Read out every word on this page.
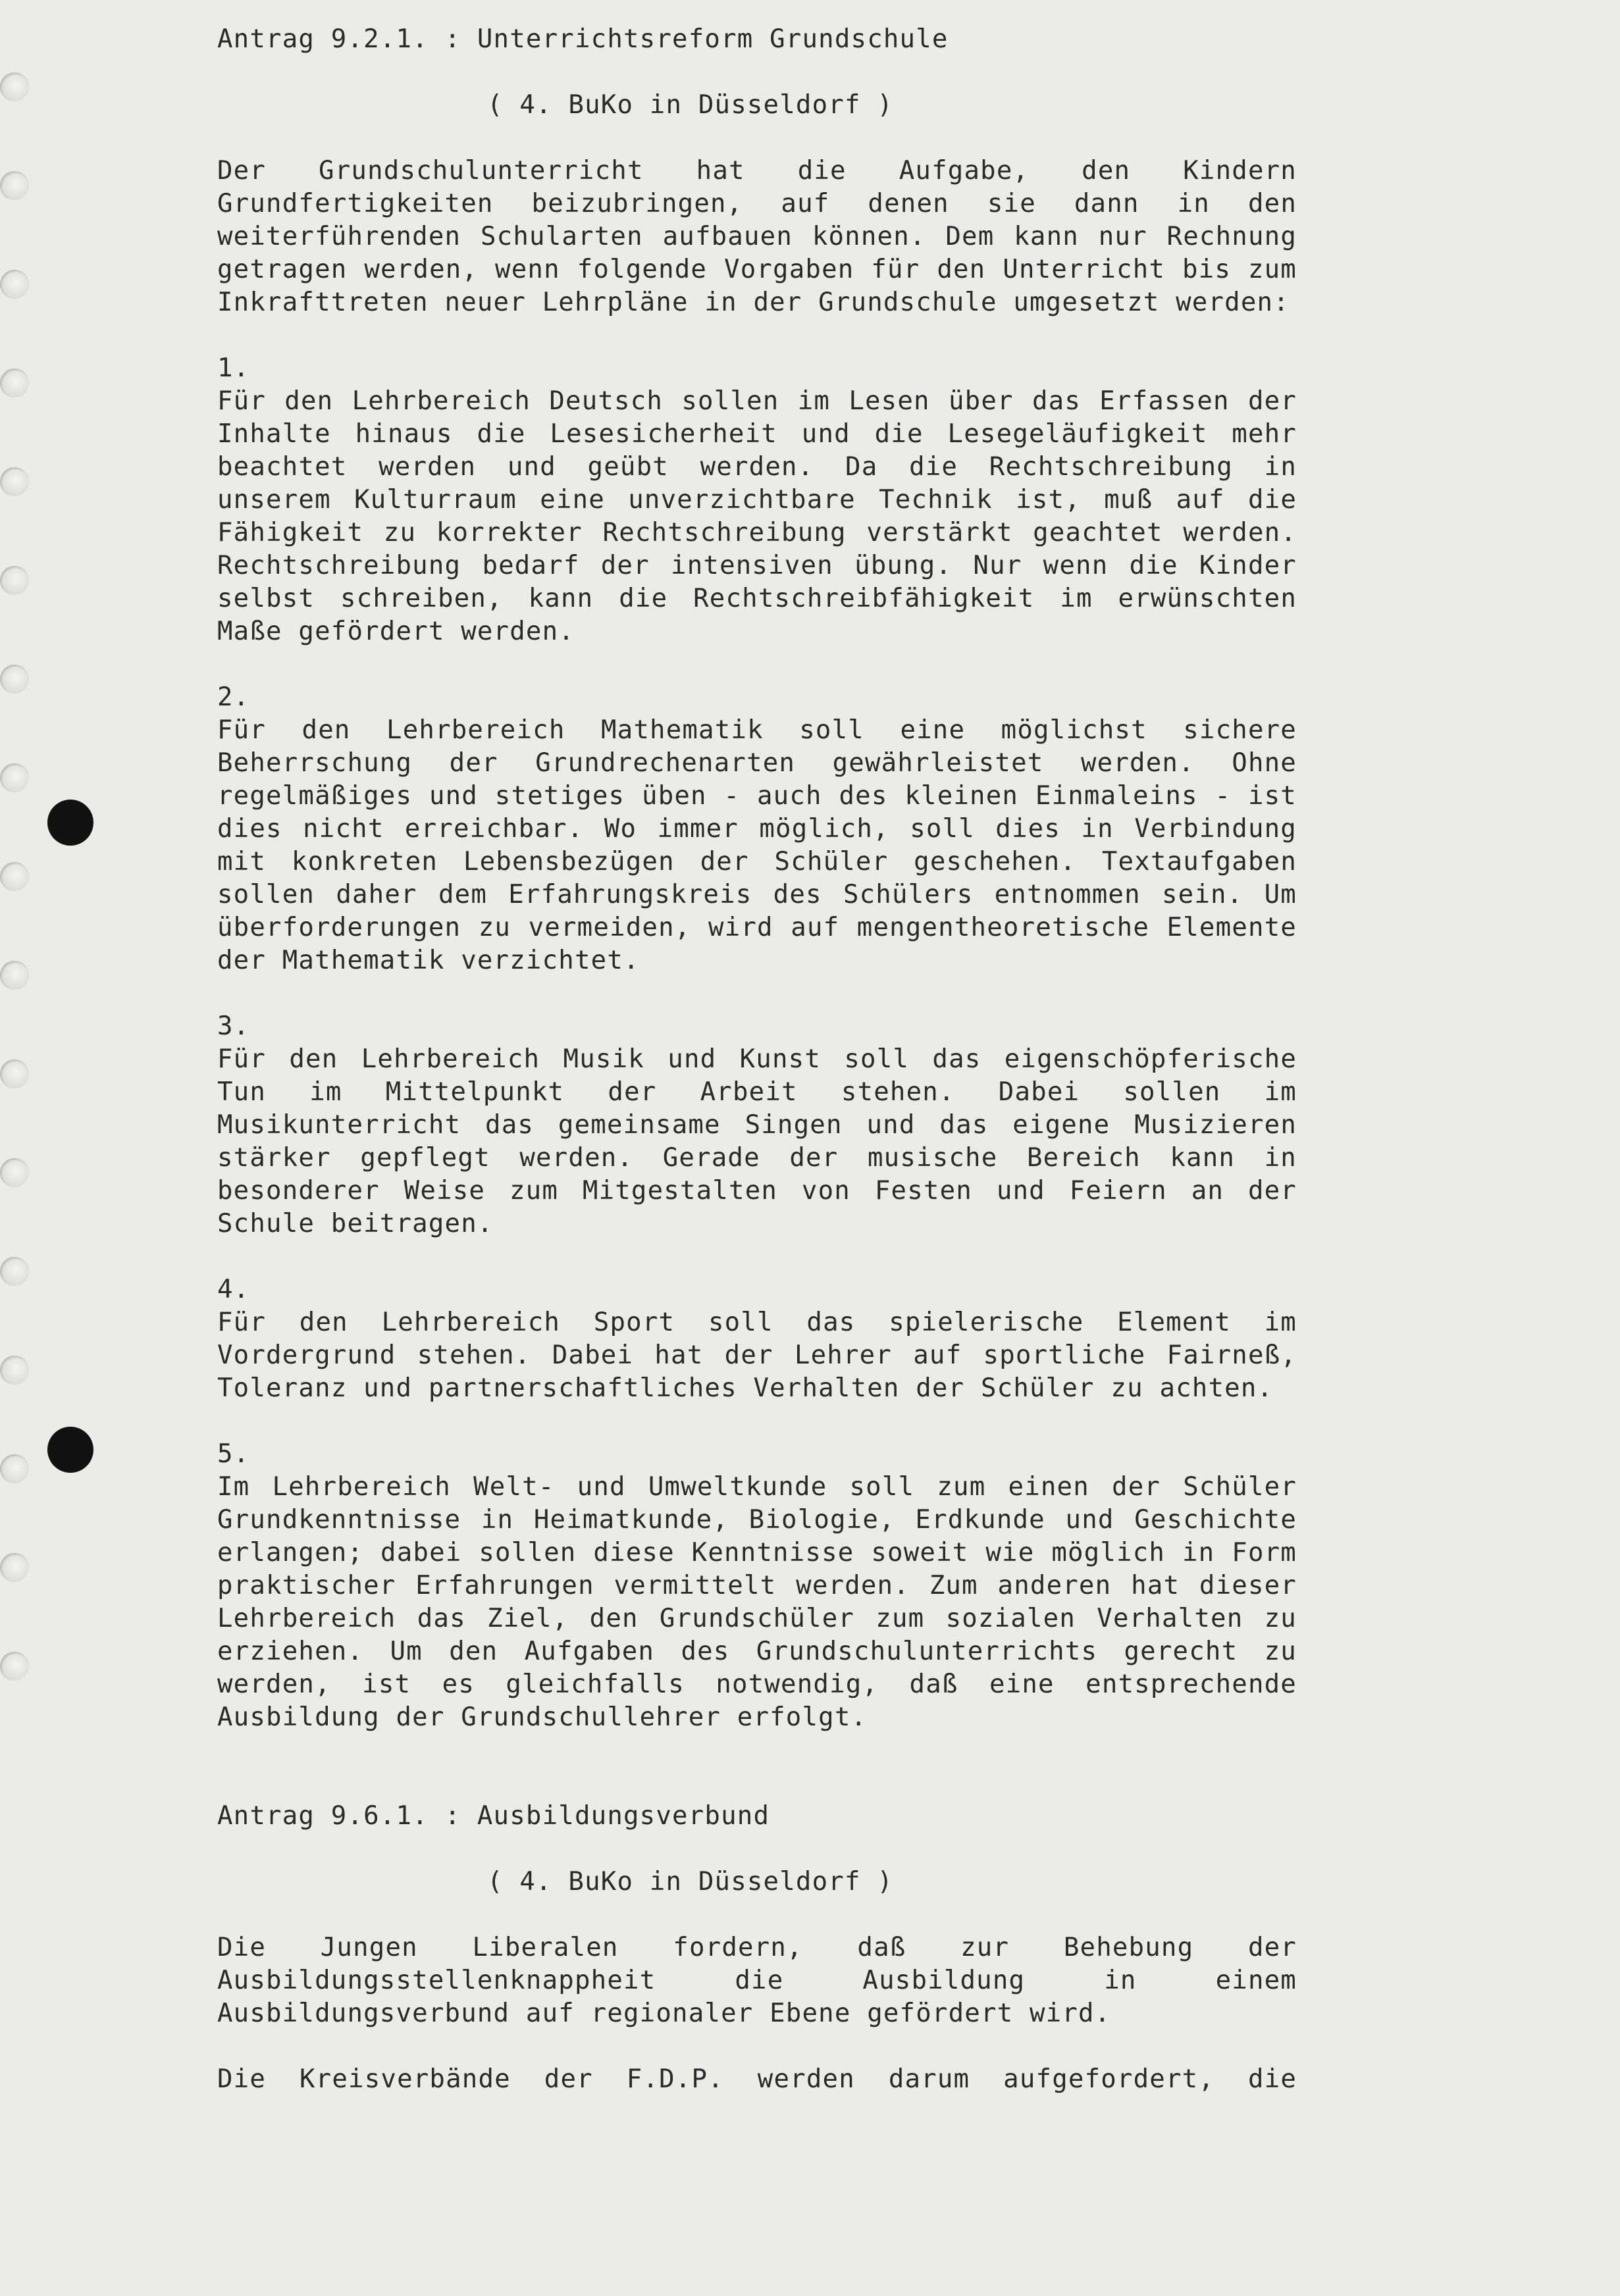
Antrag 9.2.1. : Unterrichtsreform Grundschule

( 4. BuKo in Düsseldorf )

Der Grundschulunterricht hat die Aufgabe, den Kindern Grundfertigkeiten beizubringen, auf denen sie dann in den weiterführenden Schularten aufbauen können. Dem kann nur Rechnung getragen werden, wenn folgende Vorgaben für den Unterricht bis zum Inkrafttreten neuer Lehrpläne in der Grundschule umgesetzt werden:

1.

Für den Lehrbereich Deutsch sollen im Lesen über das Erfassen der Inhalte hinaus die Lesesicherheit und die Lesegeläufigkeit mehr beachtet werden und geübt werden. Da die Rechtschreibung in unserem Kulturraum eine unverzichtbare Technik ist, muß auf die Fähigkeit zu korrekter Rechtschreibung verstärkt geachtet werden. Rechtschreibung bedarf der intensiven übung. Nur wenn die Kinder selbst schreiben, kann die Rechtschreibfähigkeit im erwünschten Maße gefördert werden.

2.

Für den Lehrbereich Mathematik soll eine möglichst sichere Beherrschung der Grundrechenarten gewährleistet werden. Ohne regelmäßiges und stetiges üben - auch des kleinen Einmaleins - ist dies nicht erreichbar. Wo immer möglich, soll dies in Verbindung mit konkreten Lebensbezügen der Schüler geschehen. Textaufgaben sollen daher dem Erfahrungskreis des Schülers entnommen sein. Um überforderungen zu vermeiden, wird auf mengentheoretische Elemente der Mathematik verzichtet.

3.

Für den Lehrbereich Musik und Kunst soll das eigenschöpferische Tun im Mittelpunkt der Arbeit stehen. Dabei sollen im Musikunterricht das gemeinsame Singen und das eigene Musizieren stärker gepflegt werden. Gerade der musische Bereich kann in besonderer Weise zum Mitgestalten von Festen und Feiern an der Schule beitragen.

4.

Für den Lehrbereich Sport soll das spielerische Element im Vordergrund stehen. Dabei hat der Lehrer auf sportliche Fairneß, Toleranz und partnerschaftliches Verhalten der Schüler zu achten.

5.

Im Lehrbereich Welt- und Umweltkunde soll zum einen der Schüler Grundkenntnisse in Heimatkunde, Biologie, Erdkunde und Geschichte erlangen; dabei sollen diese Kenntnisse soweit wie möglich in Form praktischer Erfahrungen vermittelt werden. Zum anderen hat dieser Lehrbereich das Ziel, den Grundschüler zum sozialen Verhalten zu erziehen. Um den Aufgaben des Grundschulunterrichts gerecht zu werden, ist es gleichfalls notwendig, daß eine entsprechende Ausbildung der Grundschullehrer erfolgt.

Antrag 9.6.1. : Ausbildungsverbund

( 4. BuKo in Düsseldorf )

Die Jungen Liberalen fordern, daß zur Behebung der Ausbildungsstellenknappheit die Ausbildung in einem Ausbildungsverbund auf regionaler Ebene gefördert wird.

Die Kreisverbände der F.D.P. werden darum aufgefordert, die
